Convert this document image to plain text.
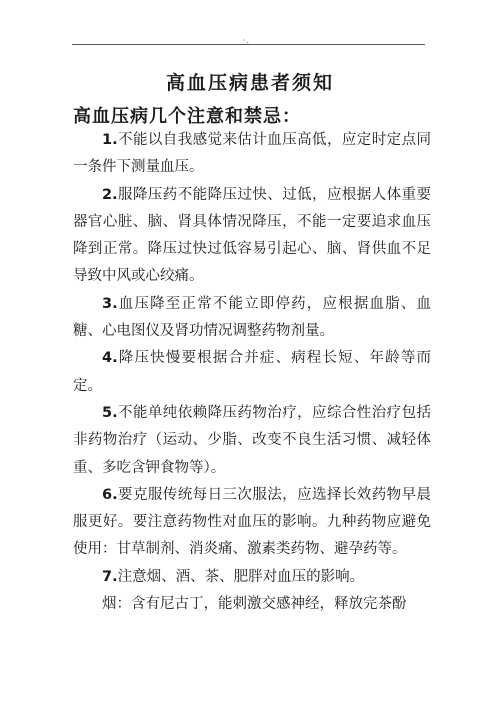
·.
高血压病患者须知
高血压病几个注意和禁忌：

1.不能以自我感觉来估计血压高低，应定时定点同一条件下测量血压。

2.服降压药不能降压过快、过低，应根据人体重要器官心脏、脑、肾具体情况降压，不能一定要追求血压降到正常。降压过快过低容易引起心、脑、肾供血不足导致中风或心绞痛。

3.血压降至正常不能立即停药，应根据血脂、血糖、心电图仪及肾功情况调整药物剂量。

4.降压快慢要根据合并症、病程长短、年龄等而定。

5.不能单纯依赖降压药物治疗，应综合性治疗包括非药物治疗（运动、少脂、改变不良生活习惯、减轻体重、多吃含钾食物等）。

6.要克服传统每日三次服法，应选择长效药物早晨服更好。要注意药物性对血压的影响。九种药物应避免使用：甘草制剂、消炎痛、激素类药物、避孕药等。

7.注意烟、酒、茶、肥胖对血压的影响。

烟：含有尼古丁，能刺激交感神经，释放完茶酚
